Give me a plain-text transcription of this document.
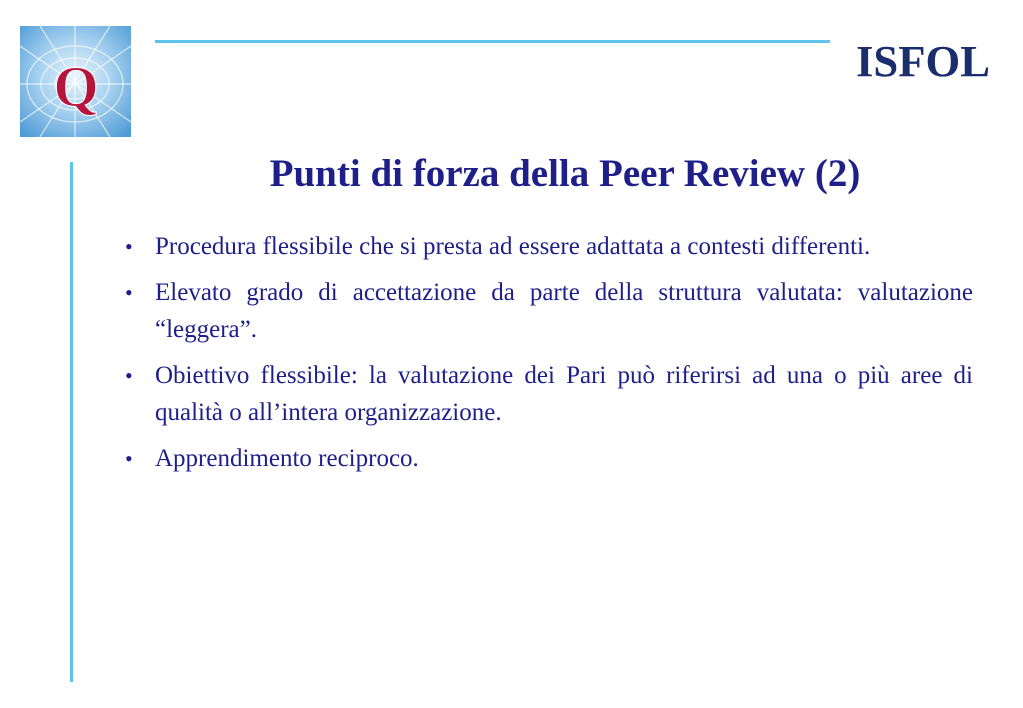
Q	ISFOL
Punti di forza della Peer Review (2)
• Procedura flessibile che si presta ad essere adattata a contesti differenti.
• Elevato grado di accettazione da parte della struttura valutata: valutazione “leggera”.
• Obiettivo flessibile: la valutazione dei Pari può riferirsi ad una o più aree di qualità o all’intera organizzazione.
• Apprendimento reciproco.
